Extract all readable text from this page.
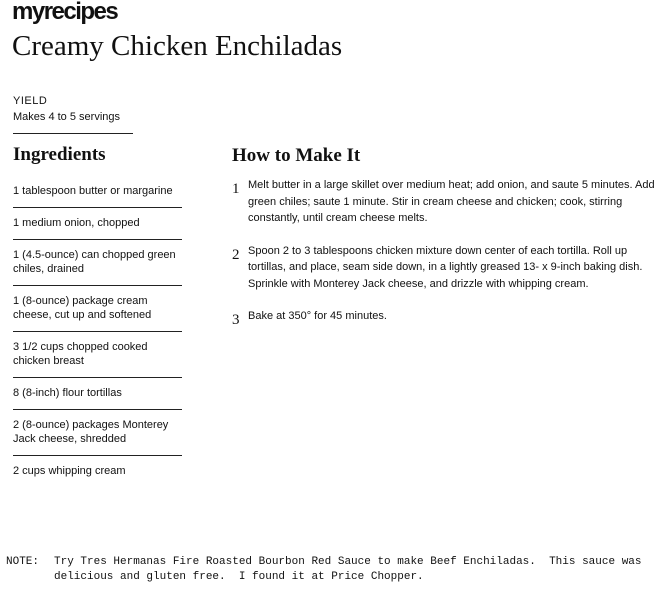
myrecipes
Creamy Chicken Enchiladas
YIELD
Makes 4 to 5 servings
Ingredients
1 tablespoon butter or margarine
1 medium onion, chopped
1 (4.5-ounce) can chopped green chiles, drained
1 (8-ounce) package cream cheese, cut up and softened
3 1/2 cups chopped cooked chicken breast
8 (8-inch) flour tortillas
2 (8-ounce) packages Monterey Jack cheese, shredded
2 cups whipping cream
How to Make It
1 Melt butter in a large skillet over medium heat; add onion, and saute 5 minutes. Add green chiles; saute 1 minute. Stir in cream cheese and chicken; cook, stirring constantly, until cream cheese melts.
2 Spoon 2 to 3 tablespoons chicken mixture down center of each tortilla. Roll up tortillas, and place, seam side down, in a lightly greased 13- x 9-inch baking dish. Sprinkle with Monterey Jack cheese, and drizzle with whipping cream.
3 Bake at 350° for 45 minutes.
NOTE:	Try Tres Hermanas Fire Roasted Bourbon Red Sauce to make Beef Enchiladas.  This sauce was delicious and gluten free.  I found it at Price Chopper.
